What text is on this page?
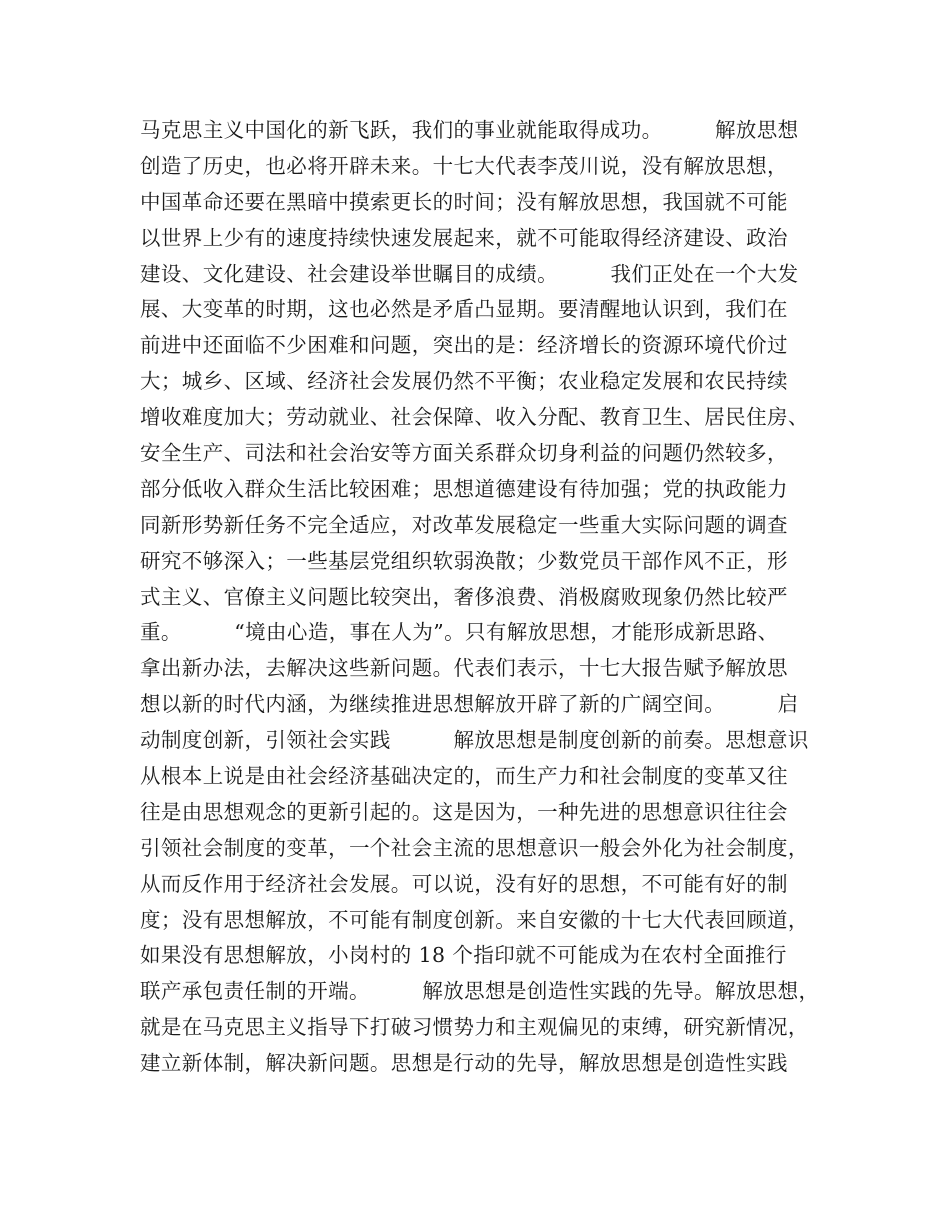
马克思主义中国化的新飞跃，我们的事业就能取得成功。　　　解放思想
创造了历史，也必将开辟未来。十七大代表李茂川说，没有解放思想，
中国革命还要在黑暗中摸索更长的时间；没有解放思想，我国就不可能
以世界上少有的速度持续快速发展起来，就不可能取得经济建设、政治
建设、文化建设、社会建设举世瞩目的成绩。　　　我们正处在一个大发
展、大变革的时期，这也必然是矛盾凸显期。要清醒地认识到，我们在
前进中还面临不少困难和问题，突出的是：经济增长的资源环境代价过
大；城乡、区域、经济社会发展仍然不平衡；农业稳定发展和农民持续
增收难度加大；劳动就业、社会保障、收入分配、教育卫生、居民住房、
安全生产、司法和社会治安等方面关系群众切身利益的问题仍然较多，
部分低收入群众生活比较困难；思想道德建设有待加强；党的执政能力
同新形势新任务不完全适应，对改革发展稳定一些重大实际问题的调查
研究不够深入；一些基层党组织软弱涣散；少数党员干部作风不正，形
式主义、官僚主义问题比较突出，奢侈浪费、消极腐败现象仍然比较严
重。　　　“境由心造，事在人为”。只有解放思想，才能形成新思路、
拿出新办法，去解决这些新问题。代表们表示，十七大报告赋予解放思
想以新的时代内涵，为继续推进思想解放开辟了新的广阔空间。　　　启
动制度创新，引领社会实践　　　解放思想是制度创新的前奏。思想意识
从根本上说是由社会经济基础决定的，而生产力和社会制度的变革又往
往是由思想观念的更新引起的。这是因为，一种先进的思想意识往往会
引领社会制度的变革，一个社会主流的思想意识一般会外化为社会制度，
从而反作用于经济社会发展。可以说，没有好的思想，不可能有好的制
度；没有思想解放，不可能有制度创新。来自安徽的十七大代表回顾道，
如果没有思想解放，小岗村的 18 个指印就不可能成为在农村全面推行
联产承包责任制的开端。　　　解放思想是创造性实践的先导。解放思想，
就是在马克思主义指导下打破习惯势力和主观偏见的束缚，研究新情况，
建立新体制，解决新问题。思想是行动的先导，解放思想是创造性实践
